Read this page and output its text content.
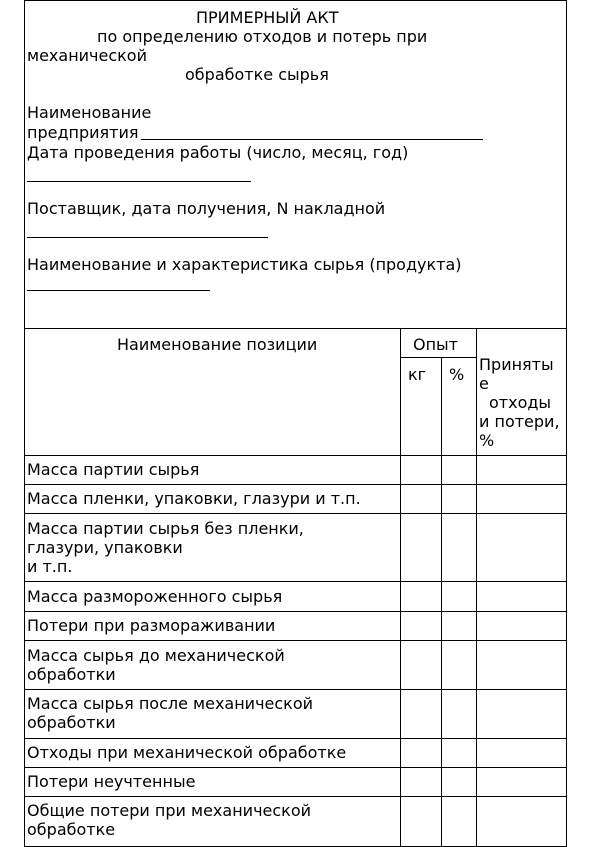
ПРИМЕРНЫЙ АКТ
по определению отходов и потерь при
механической
обработке сырья
Наименование
предприятия
Дата проведения работы (число, месяц, год)
Поставщик, дата получения, N накладной
Наименование и характеристика сырья (продукта)
Наименование позиции	Опыт
кг %
Приняты
е
отходы
и потери,
%
Масса партии сырья
Масса пленки, упаковки, глазури и т.п.
Масса партии сырья без пленки,
глазури, упаковки
и т.п.
Масса размороженного сырья
Потери при размораживании
Масса сырья до механической
обработки
Масса сырья после механической
обработки
Отходы при механической обработке
Потери неучтенные
Общие потери при механической
обработке
